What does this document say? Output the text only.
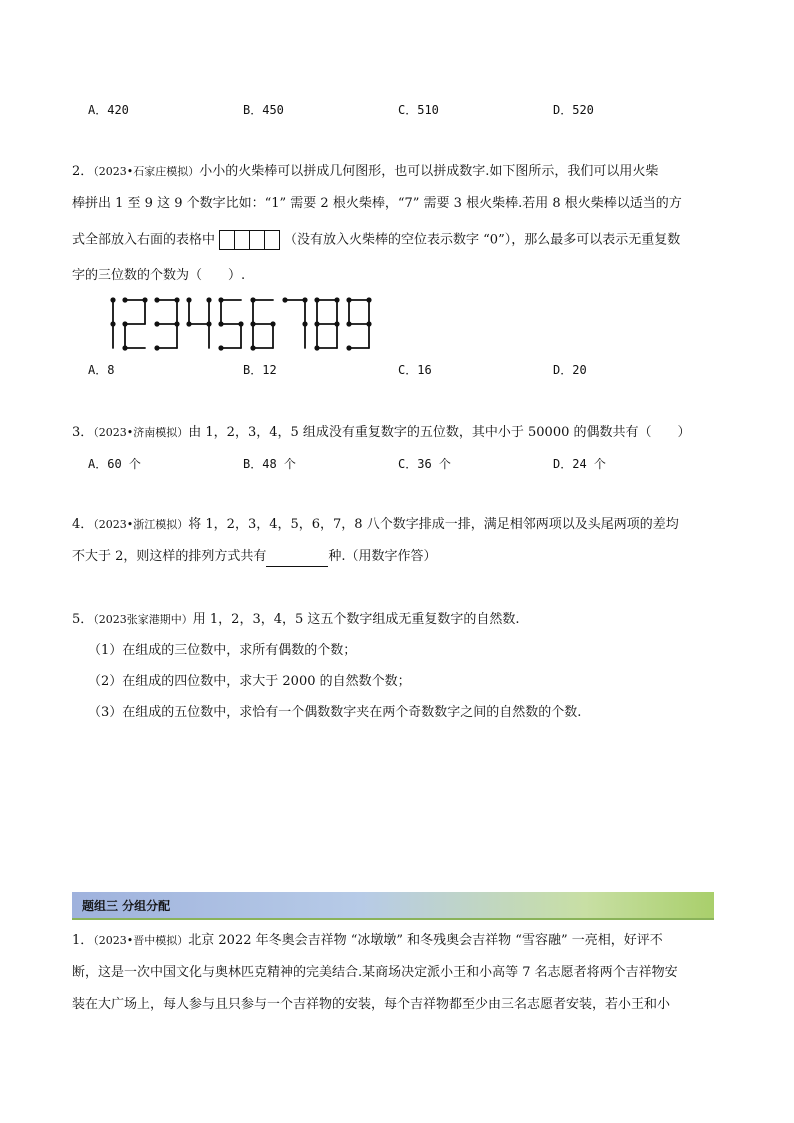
A．420	B．450	C．510	D．520
2．（2023•石家庄模拟）小小的火柴棒可以拼成几何图形，也可以拼成数字.如下图所示，我们可以用火柴
棒拼出 1 至 9 这 9 个数字比如：“1” 需要 2 根火柴棒，“7” 需要 3 根火柴棒.若用 8 根火柴棒以适当的方
式全部放入右面的表格中	（没有放入火柴棒的空位表示数字 “0”），那么最多可以表示无重复数
字的三位数的个数为（　　）.
A．8	B．12	C．16	D．20
3．（2023•济南模拟）由 1，2，3，4，5 组成没有重复数字的五位数，其中小于 50000 的偶数共有（　　）
A．60 个	B．48 个	C．36 个	D．24 个
4．（2023•浙江模拟）将 1，2，3，4，5，6，7，8 八个数字排成一排，满足相邻两项以及头尾两项的差均
不大于 2，则这样的排列方式共有	种.（用数字作答）
5．（2023张家港期中）用 1，2，3，4，5 这五个数字组成无重复数字的自然数.
（1）在组成的三位数中，求所有偶数的个数；
（2）在组成的四位数中，求大于 2000 的自然数个数；
（3）在组成的五位数中，求恰有一个偶数数字夹在两个奇数数字之间的自然数的个数.
题组三 分组分配
1．（2023•晋中模拟）北京 2022 年冬奥会吉祥物 “冰墩墩” 和冬残奥会吉祥物 “雪容融” 一亮相，好评不
断，这是一次中国文化与奥林匹克精神的完美结合.某商场决定派小王和小高等 7 名志愿者将两个吉祥物安
装在大广场上，每人参与且只参与一个吉祥物的安装，每个吉祥物都至少由三名志愿者安装，若小王和小
